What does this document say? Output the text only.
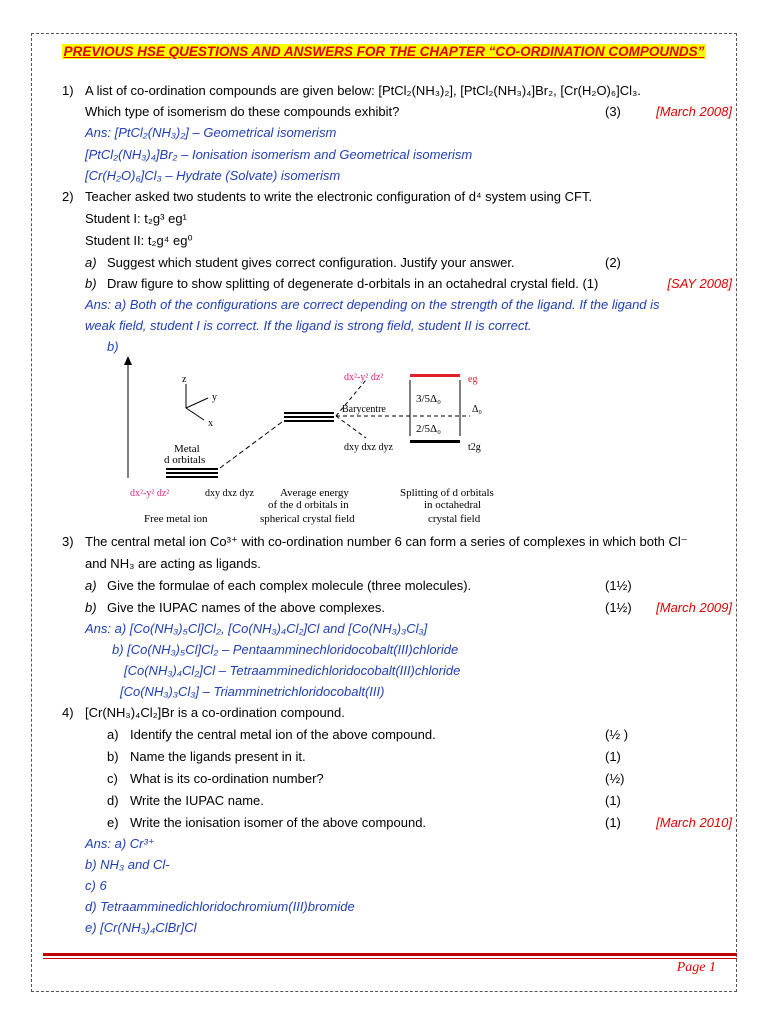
PREVIOUS HSE QUESTIONS AND ANSWERS FOR THE CHAPTER “CO-ORDINATION COMPOUNDS”
1) A list of co-ordination compounds are given below: [PtCl₂(NH₃)₂], [PtCl₂(NH₃)₄]Br₂, [Cr(H₂O)₆]Cl₃.
Which type of isomerism do these compounds exhibit?	(3)	[March 2008]
Ans: [PtCl₂(NH₃)₂] – Geometrical isomerism
[PtCl₂(NH₃)₄]Br₂ – Ionisation isomerism and Geometrical isomerism
[Cr(H₂O)₆]Cl₃ – Hydrate (Solvate) isomerism
2) Teacher asked two students to write the electronic configuration of d⁴ system using CFT.
Student I: t₂g³ eg¹
Student II: t₂g⁴ eg⁰
a) Suggest which student gives correct configuration. Justify your answer.	(2)
b) Draw figure to show splitting of degenerate d-orbitals in an octahedral crystal field. (1)	[SAY 2008]
Ans: a) Both of the configurations are correct depending on the strength of the ligand. If the ligand is
weak field, student I is correct. If the ligand is strong field, student II is correct.
b)
z
y
x
Metal
d orbitals
Barycentre
eg
dx²-y² dz²
t2g
dxy dxz dyz
3/5Δ₀
2/5Δ₀
Δ₀
dx²-y² dz²	dxy dxz dyz
Free metal ion
Average energy
of the d orbitals in
spherical crystal field
Splitting of d orbitals
in octahedral
crystal field
3) The central metal ion Co³⁺ with co-ordination number 6 can form a series of complexes in which both Cl⁻
and NH₃ are acting as ligands.
a) Give the formulae of each complex molecule (three molecules).	(1½)
b) Give the IUPAC names of the above complexes.	(1½) [March 2009]
Ans: a) [Co(NH₃)₅Cl]Cl₂, [Co(NH₃)₄Cl₂]Cl and [Co(NH₃)₃Cl₃]
b) [Co(NH₃)₅Cl]Cl₂ – Pentaamminechloridocobalt(III)chloride
[Co(NH₃)₄Cl₂]Cl – Tetraamminedichloridocobalt(III)chloride
[Co(NH₃)₃Cl₃] – Triamminetrichloridocobalt(III)
4) [Cr(NH₃)₄Cl₂]Br is a co-ordination compound.
a) Identify the central metal ion of the above compound.	(½ )
b) Name the ligands present in it.	(1)
c) What is its co-ordination number?	(½)
d) Write the IUPAC name.	(1)
e) Write the ionisation isomer of the above compound.	(1)	[March 2010]
Ans: a) Cr³⁺
b) NH₃ and Cl-
c) 6
d) Tetraamminedichloridochromium(III)bromide
e) [Cr(NH₃)₄ClBr]Cl
Page 1
